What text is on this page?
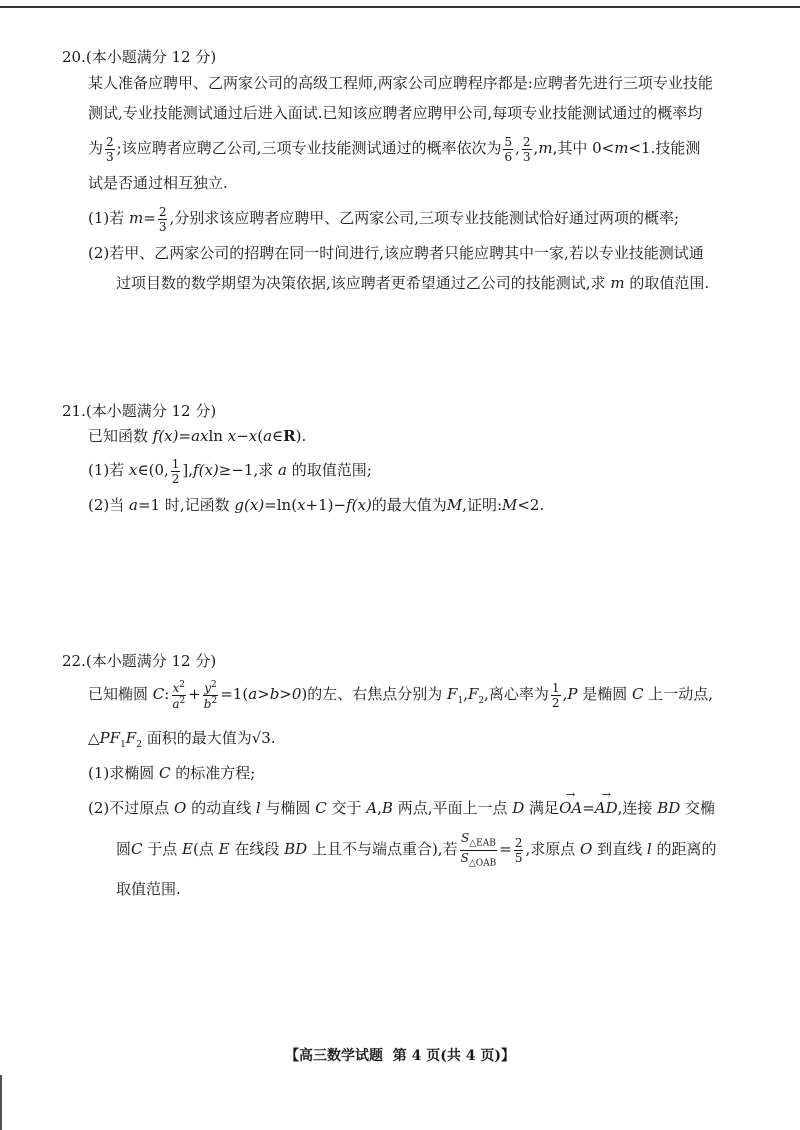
20.(本小题满分 12 分)
某人准备应聘甲、乙两家公司的高级工程师,两家公司应聘程序都是:应聘者先进行三项专业技能
测试,专业技能测试通过后进入面试.已知该应聘者应聘甲公司,每项专业技能测试通过的概率均
为 $\frac{2}{3}$ ;该应聘者应聘乙公司,三项专业技能测试通过的概率依次为 $\frac{5}{6}$ , $\frac{2}{3} ,m$,其中 0<m<1.技能测
试是否通过相互独立.
(1)若 $m= \frac{2}{3}$ ,分别求该应聘者应聘甲、乙两家公司,三项专业技能测试恰好通过两项的概率;
(2)若甲、乙两家公司的招聘在同一时间进行,该应聘者只能应聘其中一家,若以专业技能测试通
过项目数的数学期望为决策依据,该应聘者更希望通过乙公司的技能测试,求 m 的取值范围.
21.(本小题满分 12 分)
已知函数 f(x)=axln x−x(a∈R).
(1)若 x∈(0, $\frac{1}{2} ],f(x)\ge-1$,求 a 的取值范围;
(2)当 a=1 时,记函数 g(x)=ln(x+1)−f(x)的最大值为M,证明:M<2.
22.(本小题满分 12 分)
已知椭圆 C: $\frac{x^2}{a^2} + \frac{y^2}{b^2} =1(a>b>0)$的左、右焦点分别为 $F_1,F_2$,离心率为 $\frac{1}{2} ,P$ 是椭圆 C 上一动点,
$\triangle PF_1F_2$ 面积的最大值为√3.
(1)求椭圆 C 的标准方程;
(2)不过原点 O 的动直线 l 与椭圆 C 交于 A,B 两点,平面上一点 D 满足→ OA=→ AD,连接 BD 交椭
圆C 于点 E(点 E 在线段 BD 上且不与端点重合),若 $\frac{S_{\triangle EAB}}{S_{\triangle OAB}} = \frac{2}{5}$ ,求原点 O 到直线 l 的距离的
取值范围.
【高三数学试题 第 4 页(共 4 页)】
